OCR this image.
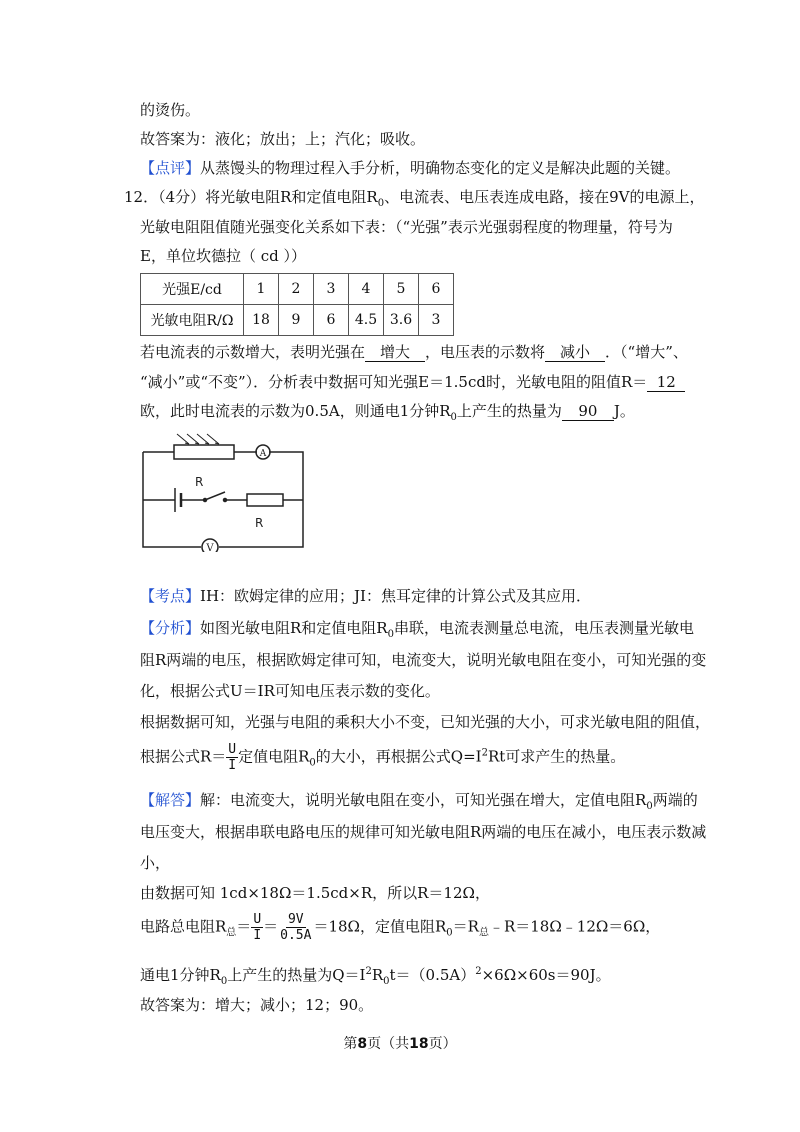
的烫伤。
故答案为：液化；放出；上；汽化；吸收。
【点评】从蒸馒头的物理过程入手分析，明确物态变化的定义是解决此题的关键。
12．（4分）将光敏电阻R和定值电阻$R_0$、电流表、电压表连成电路，接在9V的电源上，
光敏电阻阻值随光强变化关系如下表：（“光强”表示光强弱程度的物理量，符号为
E，单位坎德拉（ cd ））
光强E/cd	1	2	3	4	5	6
光敏电阻R/Ω	18	9	6	4.5	3.6	3
若电流表的示数增大，表明光强在 增大 ，电压表的示数将 减小 ．（“增大”、
“减小”或“不变”）．分析表中数据可知光强E＝1.5cd时，光敏电阻的阻值R＝ 12
欧，此时电流表的示数为0.5A，则通电1分钟$R_0$上产生的热量为 90 J。
A
R
R
V
【考点】IH：欧姆定律的应用；JI：焦耳定律的计算公式及其应用．
【分析】如图光敏电阻R和定值电阻$R_0$串联，电流表测量总电流，电压表测量光敏电
阻R两端的电压，根据欧姆定律可知，电流变大，说明光敏电阻在变小，可知光强的变
化，根据公式U＝IR可知电压表示数的变化。
根据数据可知，光强与电阻的乘积大小不变，已知光强的大小，可求光敏电阻的阻值，
根据公式$R= \frac{U}{I}$ 定值电阻$R_0$的大小，再根据公式$Q=I^2Rt$可求产生的热量。
【解答】解：电流变大，说明光敏电阻在变小，可知光强在增大，定值电阻$R_0$两端的
电压变大，根据串联电路电压的规律可知光敏电阻R两端的电压在减小，电压表示数减
小，
由数据可知 1cd×18Ω＝1.5cd×R，所以R＝12Ω，
电路总电阻$R_总= \frac{U}{I} = \frac{9V}{0.5A} =18\Omega$，定值电阻$R_0=R_总﹣R=18\Omega﹣12\Omega=6\Omega$，
通电1分钟$R_0$上产生的热量为$Q=I^2R_0t=(0.5A)^2\times 6\Omega\times 60s=90J$。
故答案为：增大；减小；12；90。
第8页（共18页）
